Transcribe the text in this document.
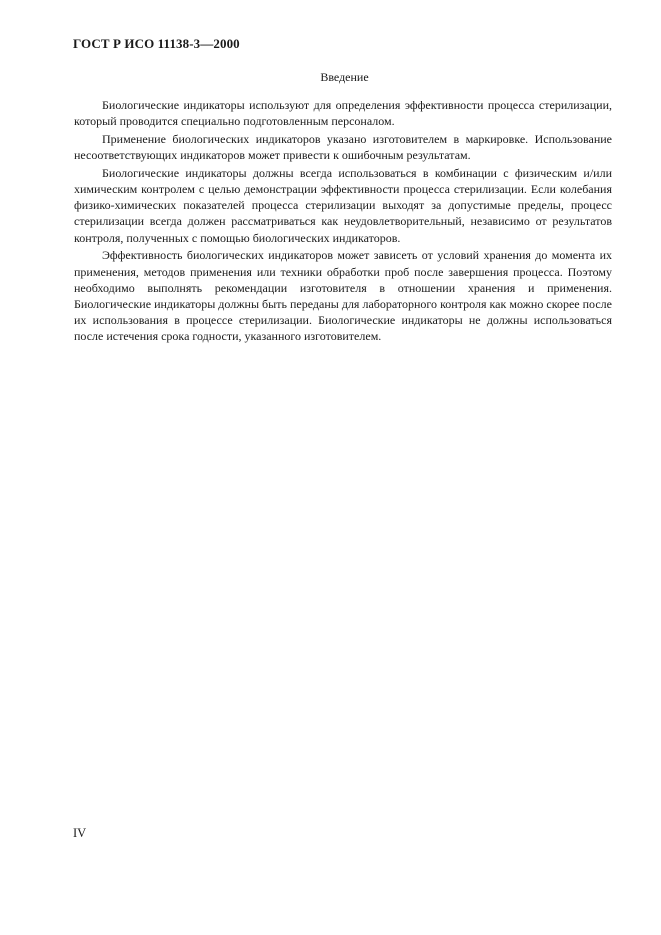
ГОСТ Р ИСО 11138-3—2000
Введение

Биологические индикаторы используют для определения эффективности процесса стерилизации, который проводится специально подготовленным персоналом.

Применение биологических индикаторов указано изготовителем в маркировке. Использование несоответствующих индикаторов может привести к ошибочным результатам.

Биологические индикаторы должны всегда использоваться в комбинации с физическим и/или химическим контролем с целью демонстрации эффективности процесса стерилизации. Если колебания физико-химических показателей процесса стерилизации выходят за допустимые пределы, процесс стерилизации всегда должен рассматриваться как неудовлетворительный, независимо от результатов контроля, полученных с помощью биологических индикаторов.

Эффективность биологических индикаторов может зависеть от условий хранения до момента их применения, методов применения или техники обработки проб после завершения процесса. Поэтому необходимо выполнять рекомендации изготовителя в отношении хранения и применения. Биологические индикаторы должны быть переданы для лабораторного контроля как можно скорее после их использования в процессе стерилизации. Биологические индикаторы не должны использоваться после истечения срока годности, указанного изготовителем.

IV
